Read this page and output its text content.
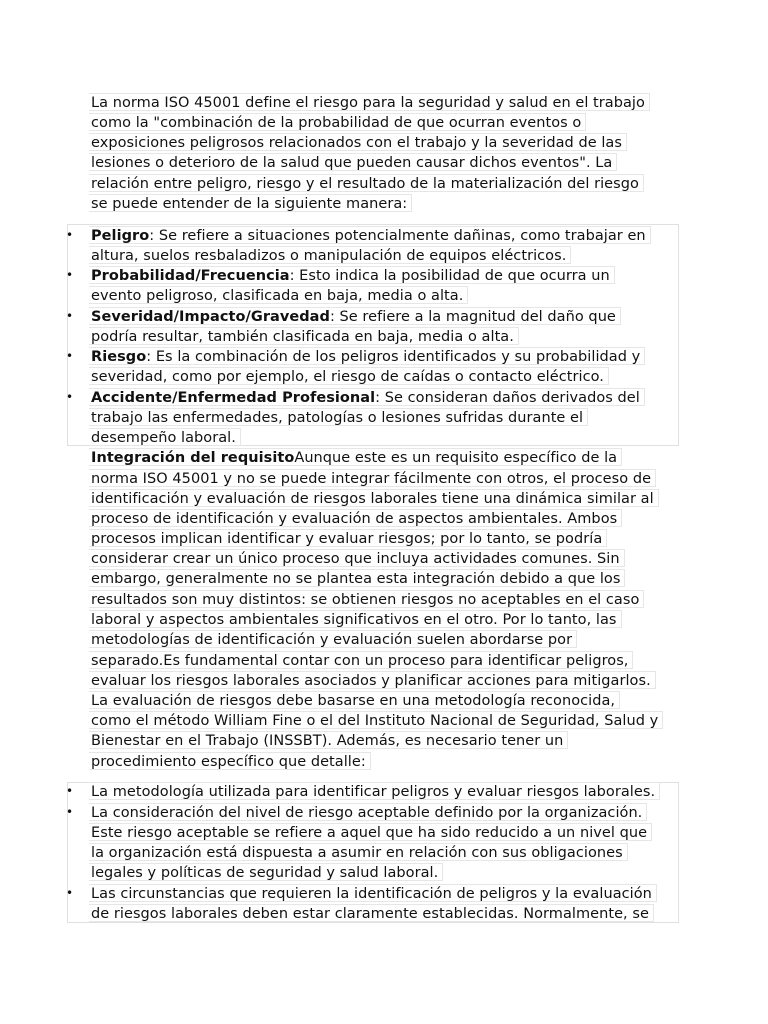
La norma ISO 45001 define el riesgo para la seguridad y salud en el trabajo
como la "combinación de la probabilidad de que ocurran eventos o
exposiciones peligrosos relacionados con el trabajo y la severidad de las
lesiones o deterioro de la salud que pueden causar dichos eventos". La
relación entre peligro, riesgo y el resultado de la materialización del riesgo
se puede entender de la siguiente manera:
• Peligro: Se refiere a situaciones potencialmente dañinas, como trabajar en
altura, suelos resbaladizos o manipulación de equipos eléctricos.
• Probabilidad/Frecuencia: Esto indica la posibilidad de que ocurra un
evento peligroso, clasificada en baja, media o alta.
• Severidad/Impacto/Gravedad: Se refiere a la magnitud del daño que
podría resultar, también clasificada en baja, media o alta.
• Riesgo: Es la combinación de los peligros identificados y su probabilidad y
severidad, como por ejemplo, el riesgo de caídas o contacto eléctrico.
• Accidente/Enfermedad Profesional: Se consideran daños derivados del
trabajo las enfermedades, patologías o lesiones sufridas durante el
desempeño laboral.
Integración del requisitoAunque este es un requisito específico de la
norma ISO 45001 y no se puede integrar fácilmente con otros, el proceso de
identificación y evaluación de riesgos laborales tiene una dinámica similar al
proceso de identificación y evaluación de aspectos ambientales. Ambos
procesos implican identificar y evaluar riesgos; por lo tanto, se podría
considerar crear un único proceso que incluya actividades comunes. Sin
embargo, generalmente no se plantea esta integración debido a que los
resultados son muy distintos: se obtienen riesgos no aceptables en el caso
laboral y aspectos ambientales significativos en el otro. Por lo tanto, las
metodologías de identificación y evaluación suelen abordarse por
separado.Es fundamental contar con un proceso para identificar peligros,
evaluar los riesgos laborales asociados y planificar acciones para mitigarlos.
La evaluación de riesgos debe basarse en una metodología reconocida,
como el método William Fine o el del Instituto Nacional de Seguridad, Salud y
Bienestar en el Trabajo (INSSBT). Además, es necesario tener un
procedimiento específico que detalle:
• La metodología utilizada para identificar peligros y evaluar riesgos laborales.
• La consideración del nivel de riesgo aceptable definido por la organización.
Este riesgo aceptable se refiere a aquel que ha sido reducido a un nivel que
la organización está dispuesta a asumir en relación con sus obligaciones
legales y políticas de seguridad y salud laboral.
• Las circunstancias que requieren la identificación de peligros y la evaluación
de riesgos laborales deben estar claramente establecidas. Normalmente, se
